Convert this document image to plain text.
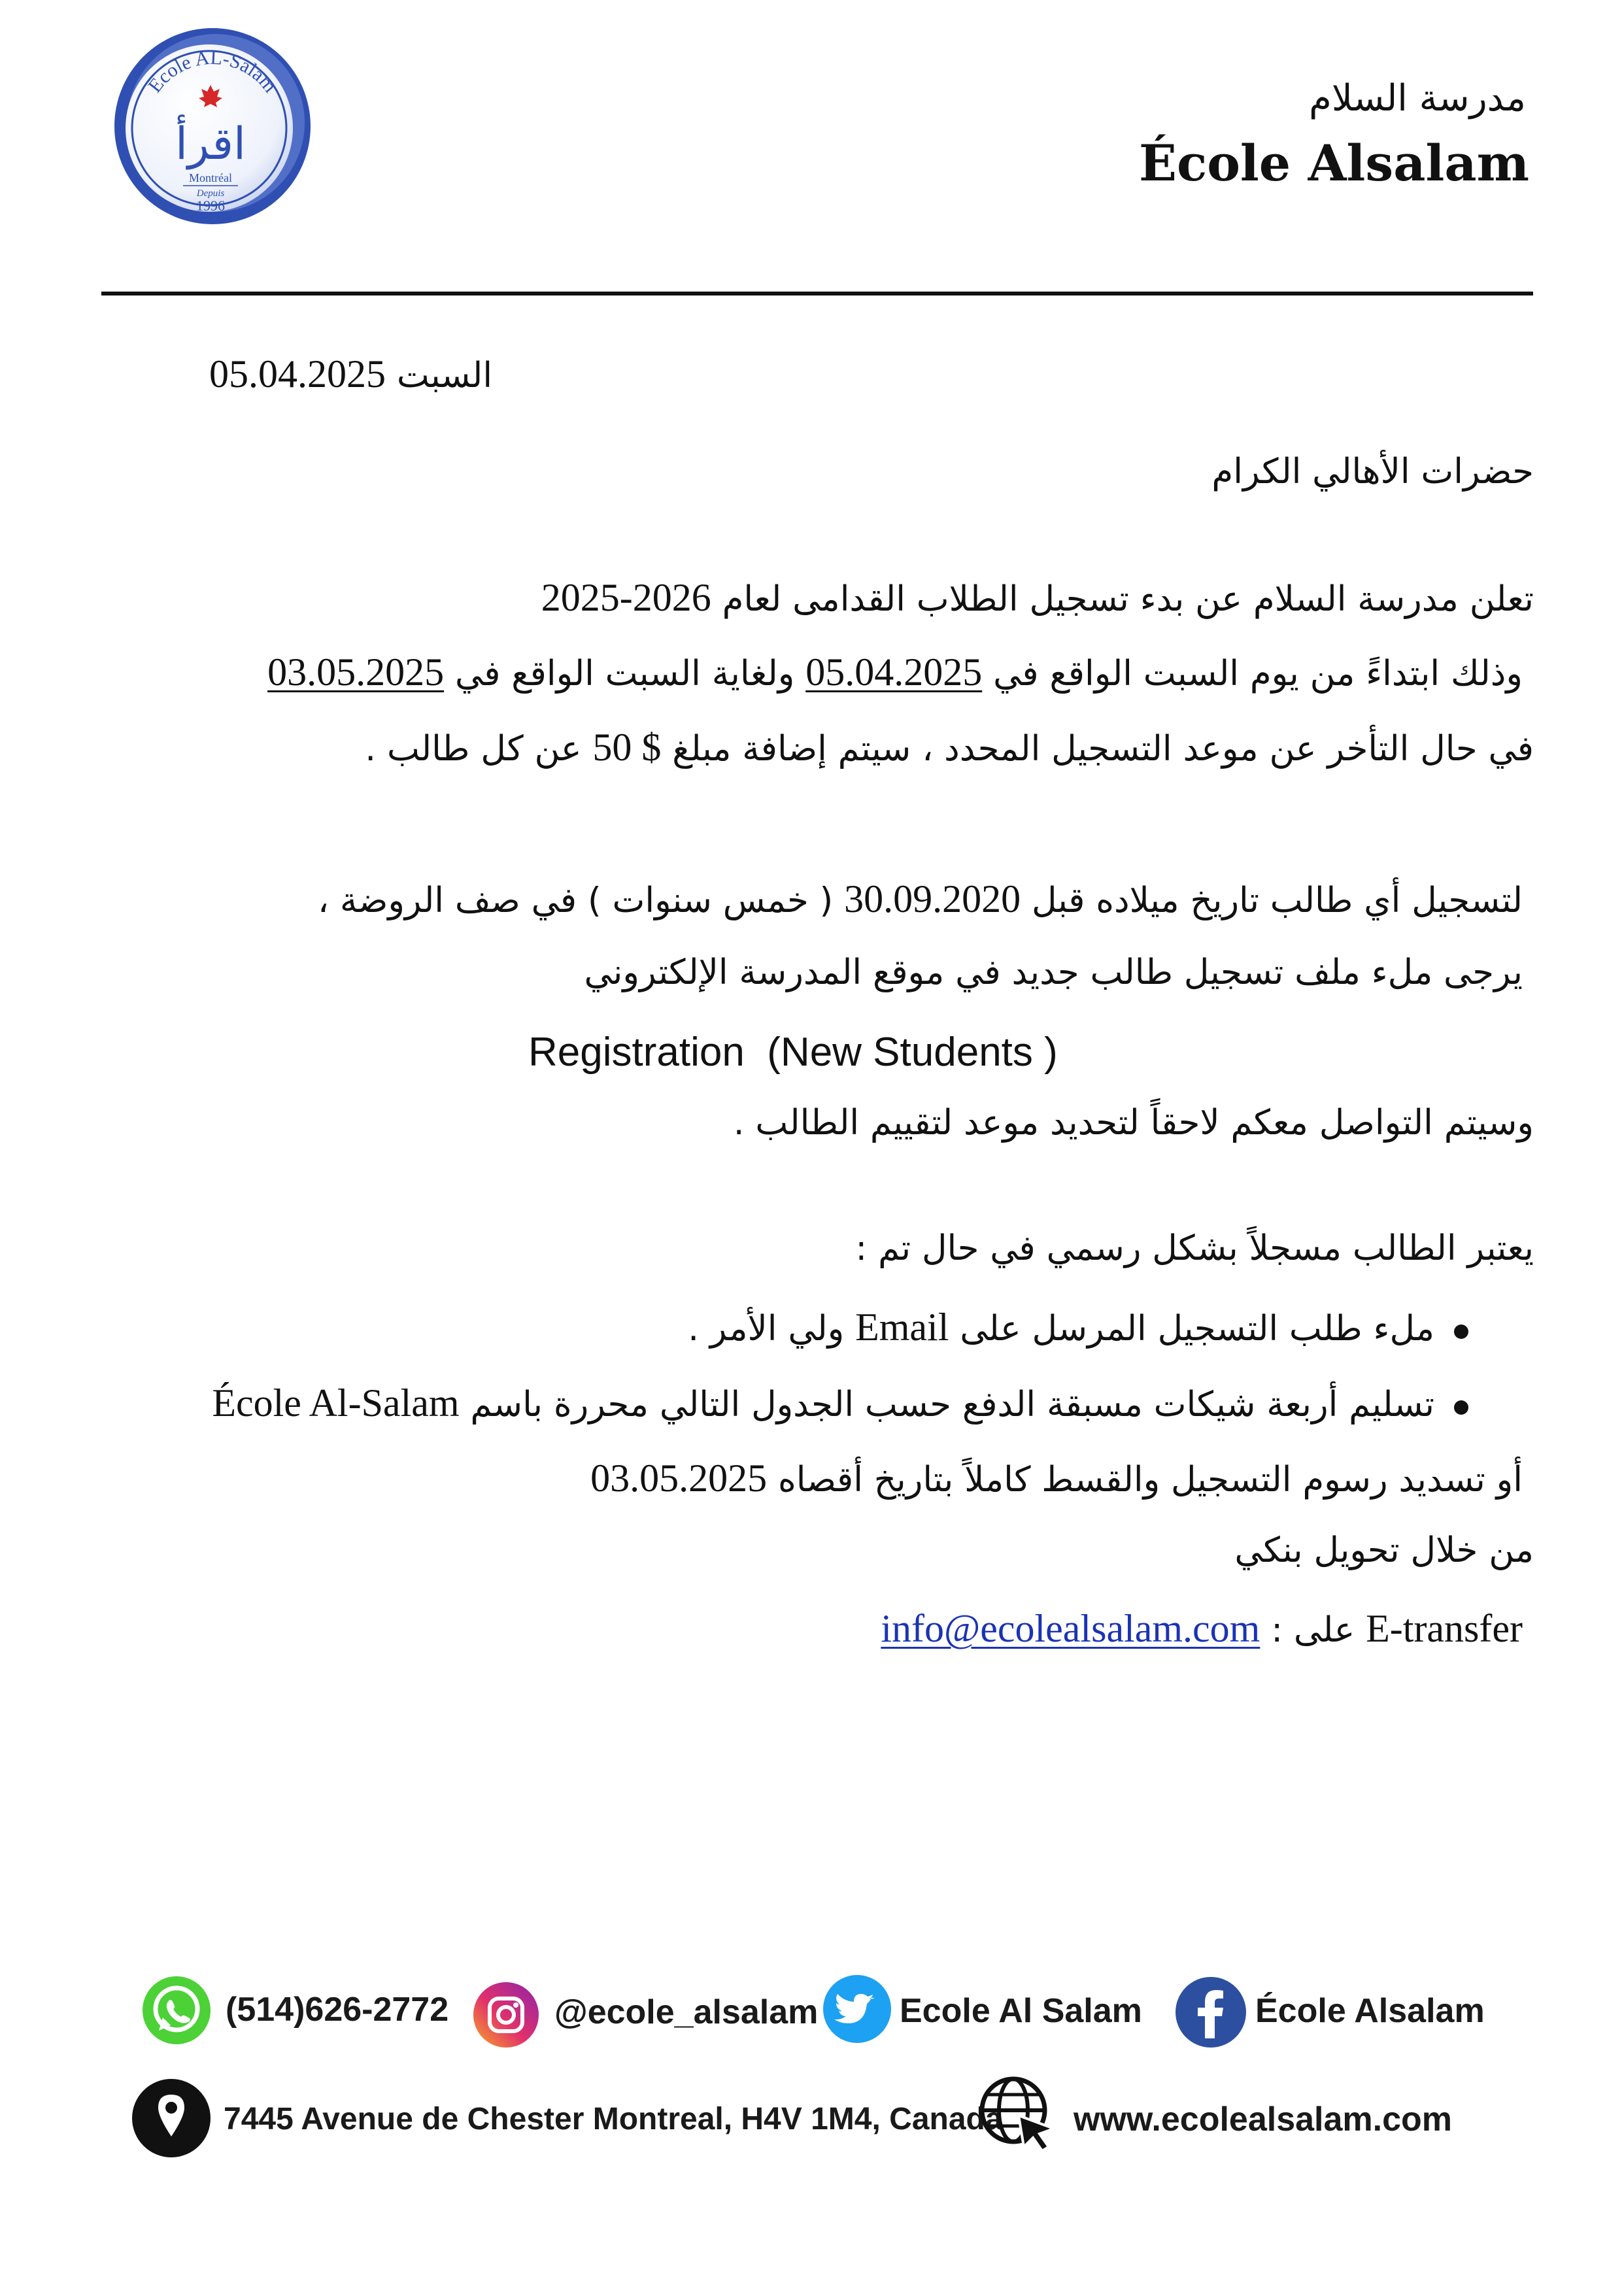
Ecole AL-Salam
اقرأ
Montréal
Depuis
1996
مدرسة السلام
École Alsalam
السبت 05.04.2025
حضرات الأهالي الكرام
تعلن مدرسة السلام عن بدء تسجيل الطلاب القدامى لعام 2025-2026
وذلك ابتداءً من يوم السبت الواقع في 05.04.2025 ولغاية السبت الواقع في 03.05.2025
في حال التأخر عن موعد التسجيل المحدد ، سيتم إضافة مبلغ 50 $ عن كل طالب .
لتسجيل أي طالب تاريخ ميلاده قبل 30.09.2020 ( خمس سنوات ) في صف الروضة ،
يرجى ملء ملف تسجيل طالب جديد في موقع المدرسة الإلكتروني
Registration  (New Students )
وسيتم التواصل معكم لاحقاً لتحديد موعد لتقييم الطالب .
يعتبر الطالب مسجلاً بشكل رسمي في حال تم :
ملء طلب التسجيل المرسل على Email ولي الأمر .
تسليم أربعة شيكات مسبقة الدفع حسب الجدول التالي محررة باسم École Al-Salam
أو تسديد رسوم التسجيل والقسط كاملاً بتاريخ أقصاه 03.05.2025
من خلال تحويل بنكي
E-transfer على : info@ecolealsalam.com
(514)626-2772	@ecole_alsalam Ecole Al Salam	École Alsalam
7445 Avenue de Chester Montreal, H4V 1M4, Canada www.ecolealsalam.com
